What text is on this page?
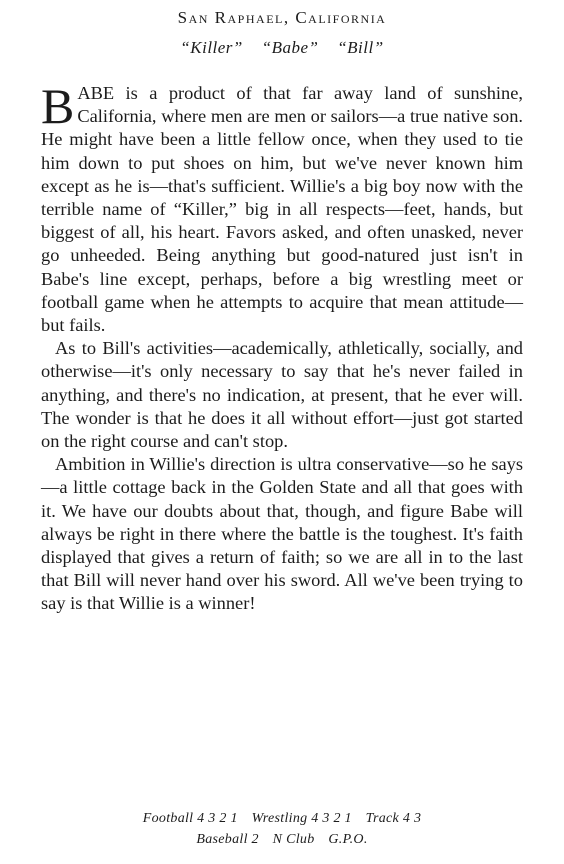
San Raphael, California
“Killer” “Babe” “Bill”

BABE is a product of that far away land of sunshine, California, where men are men or sailors—a true native son. He might have been a little fellow once, when they used to tie him down to put shoes on him, but we've never known him except as he is—that's sufficient. Willie's a big boy now with the terrible name of “Killer,” big in all respects—feet, hands, but biggest of all, his heart. Favors asked, and often unasked, never go unheeded. Being anything but good-natured just isn't in Babe's line except, perhaps, before a big wrestling meet or football game when he attempts to acquire that mean attitude—but fails.

As to Bill's activities—academically, athletically, socially, and otherwise—it's only necessary to say that he's never failed in anything, and there's no indication, at present, that he ever will. The wonder is that he does it all without effort—just got started on the right course and can't stop.

Ambition in Willie's direction is ultra conservative—so he says—a little cottage back in the Golden State and all that goes with it. We have our doubts about that, though, and figure Babe will always be right in there where the battle is the toughest. It's faith displayed that gives a return of faith; so we are all in to the last that Bill will never hand over his sword. All we've been trying to say is that Willie is a winner!

Football 4 3 2 1 Wrestling 4 3 2 1 Track 4 3
Baseball 2 N Club G.P.O.
